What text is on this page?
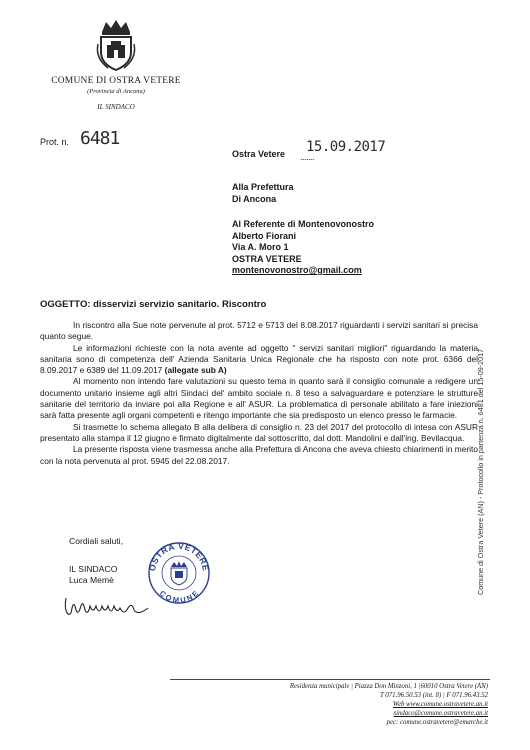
COMUNE DI OSTRA VETERE
(Provincia di Ancona)
IL SINDACO
Prot. n. 6481
Ostra Vetere .......
15.09.2017
Alla Prefettura
Di Ancona
Al Referente di Montenovonostro
Alberto Fiorani
Via A. Moro 1
OSTRA VETERE
montenovonostro@gmail.com
OGGETTO: disservizi servizio sanitario. Riscontro

In riscontro alla Sue note pervenute al prot. 5712 e 5713 del 8.08.2017 riguardanti i servizi sanitari si precisa quanto segue.

Le informazioni richieste con la nota avente ad oggetto " servizi sanitari migliori" riguardando la materia sanitaria sono di competenza dell' Azienda Sanitaria Unica Regionale che ha risposto con note prot. 6366 del 8.09.2017 e 6389 del 11.09.2017 (allegate sub A)

Al momento non intendo fare valutazioni su questo tema in quanto sarà il consiglio comunale a redigere un documento unitario insieme agli altri Sindaci del' ambito sociale n. 8 teso a salvaguardare e potenziare le strutture sanitarie del territorio da inviare poi alla Regione e all' ASUR. La problematica di personale abilitato a fare iniezioni sarà fatta presente agli organi competenti e ritengo importante che sia predisposto un elenco presso le farmacie.

Si trasmette lo schema allegato B alla delibera di consiglio n. 23 del 2017 del protocollo di intesa con ASUR presentato alla stampa il 12 giugno e firmato digitalmente dal sottoscritto, dal dott. Mandolini e dall'ing. Bevilacqua.

La presente risposta viene trasmessa anche alla Prefettura di Ancona che aveva chiesto chiarimenti in merito con la nota pervenuta al prot. 5945 del 22.08.2017.

Cordiali saluti,
IL SINDACO
Luca Memè
OSTRA VETERE
COMUNE	Comune di Ostra Vetere (AN) - Protocollo in partenza n. 6481 del 15-09-2017
Residenza municipale | Piazza Don Minzoni, 1 |60010 Ostra Vetere (AN)
T 071.96.50.53 (int. 8) | F 071.96.43.52
Web www.comune.ostravetere.an.it
sindaco@comune.ostravetere.an.it
pec: comune.ostravetere@emarche.it
